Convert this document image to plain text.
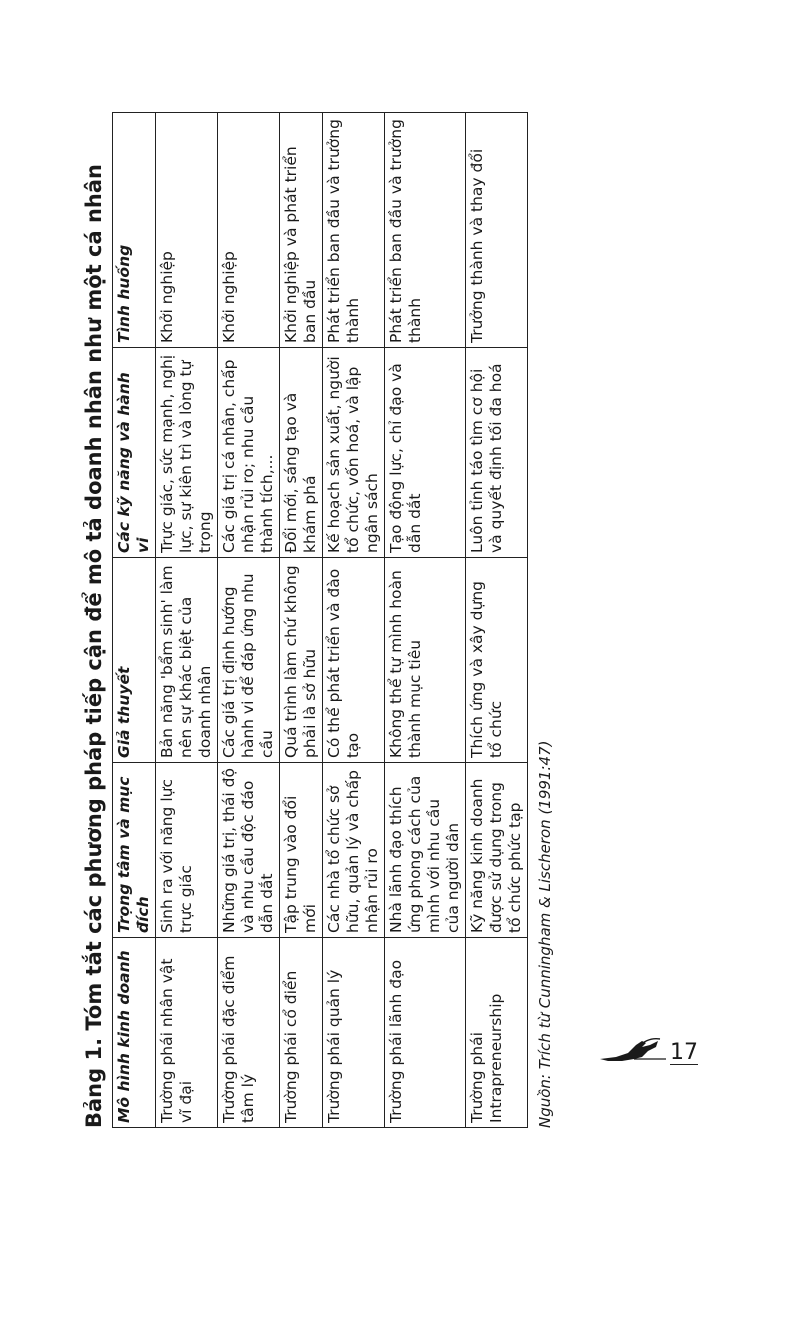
Bảng 1. Tóm tắt các phương pháp tiếp cận để mô tả doanh nhân như một cá nhân Mô hình kinh doanh	Trọng tâm và mục đích	Giả thuyết	Các kỹ năng và hành vi	Tình huống
Trường phái nhân vật vĩ đại	Sinh ra với năng lực trực giác	Bản năng 'bẩm sinh' làm nên sự khác biệt của doanh nhân	Trực giác, sức mạnh, nghị lực, sự kiên trì và lòng tự trọng	Khởi nghiệp
Trường phái đặc điểm tâm lý	Những giá trị, thái độ và nhu cầu độc đáo dẫn dắt	Các giá trị định hướng hành vi để đáp ứng nhu cầu	Các giá trị cá nhân, chấp nhận rủi ro; nhu cầu thành tích,...	Khởi nghiệp
Trường phái cổ điển	Tập trung vào đổi mới	Quá trình làm chứ không phải là sở hữu	Đổi mới, sáng tạo và khám phá	Khởi nghiệp và phát triển ban đầu
Trường phái quản lý	Các nhà tổ chức sở hữu, quản lý và chấp nhận rủi ro	Có thể phát triển và đào tạo	Kế hoạch sản xuất, người tổ chức, vốn hoá, và lập ngân sách	Phát triển ban đầu và trưởng thành
Trường phái lãnh đạo	Nhà lãnh đạo thích ứng phong cách của mình với nhu cầu của người dân	Không thể tự mình hoàn thành mục tiêu	Tạo động lực, chỉ đạo và dẫn dắt	Phát triển ban đầu và trưởng thành
Trường phái Intrapreneurship	Kỹ năng kinh doanh được sử dụng trong tổ chức phức tạp	Thích ứng và xây dựng tổ chức	Luôn tỉnh táo tìm cơ hội và quyết định tối đa hoá	Trưởng thành và thay đổi
Nguồn: Trích từ Cunningham & Lischeron (1991:47)	17
